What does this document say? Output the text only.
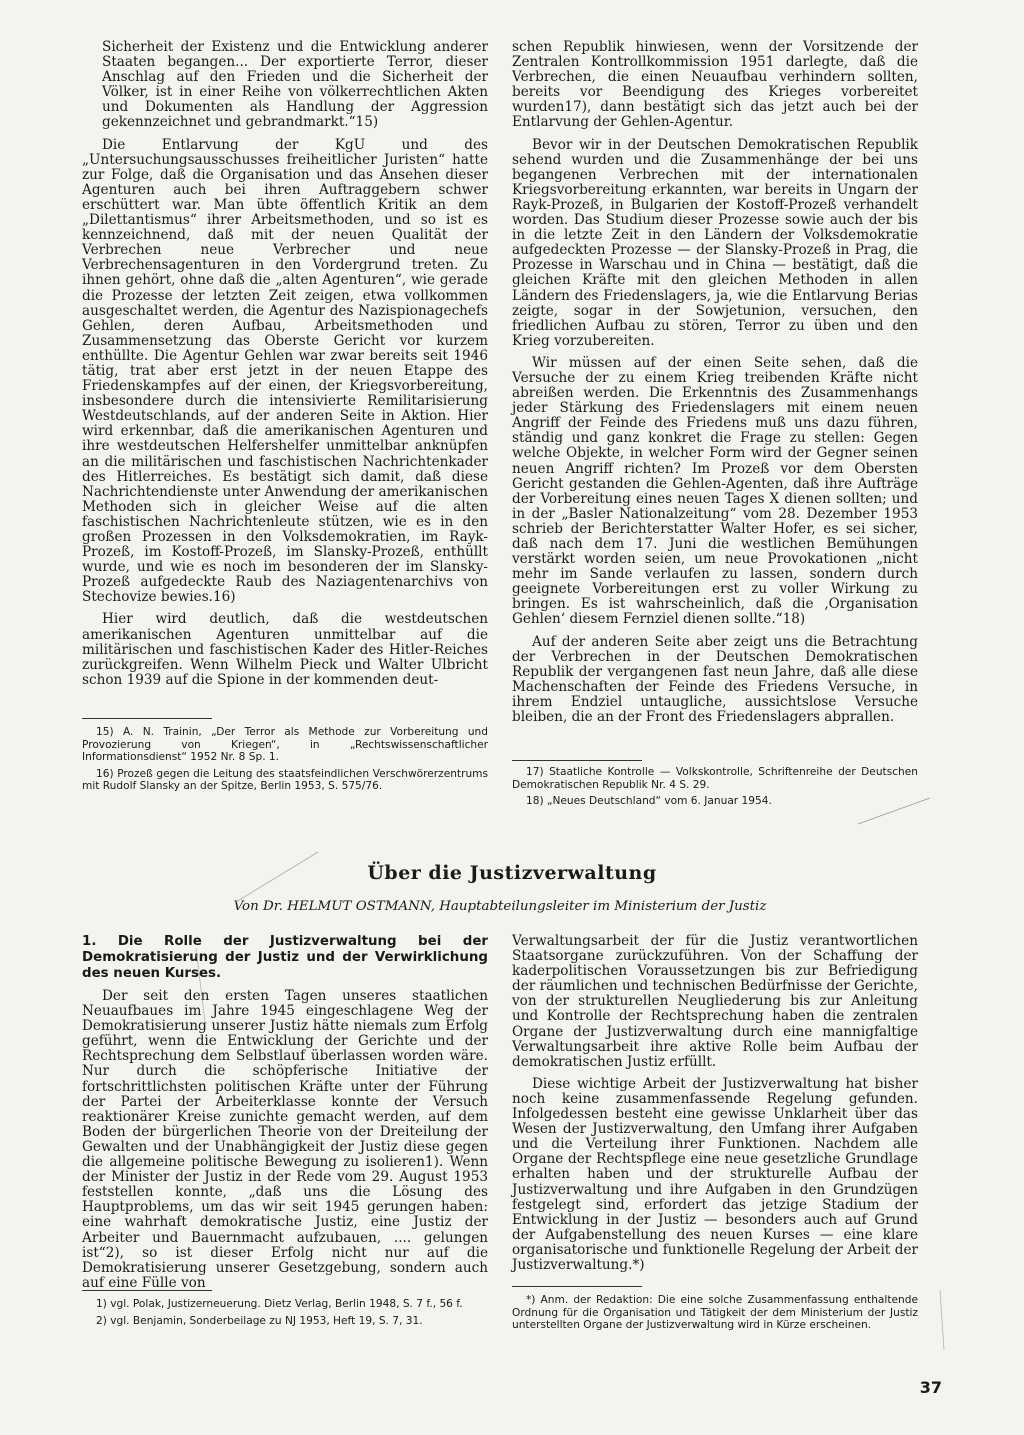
Sicherheit der Existenz und die Entwicklung anderer Staaten begangen... Der exportierte Terror, dieser Anschlag auf den Frieden und die Sicherheit der Völker, ist in einer Reihe von völkerrechtlichen Akten und Dokumenten als Handlung der Aggression gekennzeichnet und gebrandmarkt.“15)

Die Entlarvung der KgU und des „Untersuchungsausschusses freiheitlicher Juristen“ hatte zur Folge, daß die Organisation und das Ansehen dieser Agenturen auch bei ihren Auftraggebern schwer erschüttert war. Man übte öffentlich Kritik an dem „Dilettantismus“ ihrer Arbeitsmethoden, und so ist es kennzeichnend, daß mit der neuen Qualität der Verbrechen neue Verbrecher und neue Verbrechensagenturen in den Vordergrund treten. Zu ihnen gehört, ohne daß die „alten Agenturen“, wie gerade die Prozesse der letzten Zeit zeigen, etwa vollkommen ausgeschaltet werden, die Agentur des Nazispionagechefs Gehlen, deren Aufbau, Arbeitsmethoden und Zusammensetzung das Oberste Gericht vor kurzem enthüllte. Die Agentur Gehlen war zwar bereits seit 1946 tätig, trat aber erst jetzt in der neuen Etappe des Friedenskampfes auf der einen, der Kriegsvorbereitung, insbesondere durch die intensivierte Remilitarisierung Westdeutschlands, auf der anderen Seite in Aktion. Hier wird erkennbar, daß die amerikanischen Agenturen und ihre westdeutschen Helfershelfer unmittelbar anknüpfen an die militärischen und faschistischen Nachrichtenkader des Hitlerreiches. Es bestätigt sich damit, daß diese Nachrichtendienste unter Anwendung der amerikanischen Methoden sich in gleicher Weise auf die alten faschistischen Nachrichtenleute stützen, wie es in den großen Prozessen in den Volksdemokratien, im Rayk-Prozeß, im Kostoff-Prozeß, im Slansky-Prozeß, enthüllt wurde, und wie es noch im besonderen der im Slansky-Prozeß aufgedeckte Raub des Naziagentenarchivs von Stechovize bewies.16)

Hier wird deutlich, daß die westdeutschen amerikanischen Agenturen unmittelbar auf die militärischen und faschistischen Kader des Hitler-Reiches zurückgreifen. Wenn Wilhelm Pieck und Walter Ulbricht schon 1939 auf die Spione in der kommenden deut-

15) A. N. Trainin, „Der Terror als Methode zur Vorbereitung und Provozierung von Kriegen“, in „Rechtswissenschaftlicher Informationsdienst“ 1952 Nr. 8 Sp. 1.

16) Prozeß gegen die Leitung des staatsfeindlichen Verschwörerzentrums mit Rudolf Slansky an der Spitze, Berlin 1953, S. 575/76.

schen Republik hinwiesen, wenn der Vorsitzende der Zentralen Kontrollkommission 1951 darlegte, daß die Verbrechen, die einen Neuaufbau verhindern sollten, bereits vor Beendigung des Krieges vorbereitet wurden17), dann bestätigt sich das jetzt auch bei der Entlarvung der Gehlen-Agentur.

Bevor wir in der Deutschen Demokratischen Republik sehend wurden und die Zusammenhänge der bei uns begangenen Verbrechen mit der internationalen Kriegsvorbereitung erkannten, war bereits in Ungarn der Rayk-Prozeß, in Bulgarien der Kostoff-Prozeß verhandelt worden. Das Studium dieser Prozesse sowie auch der bis in die letzte Zeit in den Ländern der Volksdemokratie aufgedeckten Prozesse — der Slansky-Prozeß in Prag, die Prozesse in Warschau und in China — bestätigt, daß die gleichen Kräfte mit den gleichen Methoden in allen Ländern des Friedenslagers, ja, wie die Entlarvung Berias zeigte, sogar in der Sowjetunion, versuchen, den friedlichen Aufbau zu stören, Terror zu üben und den Krieg vorzubereiten.

Wir müssen auf der einen Seite sehen, daß die Versuche der zu einem Krieg treibenden Kräfte nicht abreißen werden. Die Erkenntnis des Zusammenhangs jeder Stärkung des Friedenslagers mit einem neuen Angriff der Feinde des Friedens muß uns dazu führen, ständig und ganz konkret die Frage zu stellen: Gegen welche Objekte, in welcher Form wird der Gegner seinen neuen Angriff richten? Im Prozeß vor dem Obersten Gericht gestanden die Gehlen-Agenten, daß ihre Aufträge der Vorbereitung eines neuen Tages X dienen sollten; und in der „Basler Nationalzeitung“ vom 28. Dezember 1953 schrieb der Berichterstatter Walter Hofer, es sei sicher, daß nach dem 17. Juni die westlichen Bemühungen verstärkt worden seien, um neue Provokationen „nicht mehr im Sande verlaufen zu lassen, sondern durch geeignete Vorbereitungen erst zu voller Wirkung zu bringen. Es ist wahrscheinlich, daß die ‚Organisation Gehlen‘ diesem Fernziel dienen sollte.“18)

Auf der anderen Seite aber zeigt uns die Betrachtung der Verbrechen in der Deutschen Demokratischen Republik der vergangenen fast neun Jahre, daß alle diese Machenschaften der Feinde des Friedens Versuche, in ihrem Endziel untaugliche, aussichtslose Versuche bleiben, die an der Front des Friedenslagers abprallen.

17) Staatliche Kontrolle — Volkskontrolle, Schriftenreihe der Deutschen Demokratischen Republik Nr. 4 S. 29.

18) „Neues Deutschland“ vom 6. Januar 1954.

Über die Justizverwaltung
Von Dr. HELMUT OSTMANN, Hauptabteilungsleiter im Ministerium der Justiz

1. Die Rolle der Justizverwaltung bei der Demokratisierung der Justiz und der Verwirklichung des neuen Kurses.

Der seit den ersten Tagen unseres staatlichen Neuaufbaues im Jahre 1945 eingeschlagene Weg der Demokratisierung unserer Justiz hätte niemals zum Erfolg geführt, wenn die Entwicklung der Gerichte und der Rechtsprechung dem Selbstlauf überlassen worden wäre. Nur durch die schöpferische Initiative der fortschrittlichsten politischen Kräfte unter der Führung der Partei der Arbeiterklasse konnte der Versuch reaktionärer Kreise zunichte gemacht werden, auf dem Boden der bürgerlichen Theorie von der Dreiteilung der Gewalten und der Unabhängigkeit der Justiz diese gegen die allgemeine politische Bewegung zu isolieren1). Wenn der Minister der Justiz in der Rede vom 29. August 1953 feststellen konnte, „daß uns die Lösung des Hauptproblems, um das wir seit 1945 gerungen haben: eine wahrhaft demokratische Justiz, eine Justiz der Arbeiter und Bauernmacht aufzubauen, .... gelungen ist“2), so ist dieser Erfolg nicht nur auf die Demokratisierung unserer Gesetzgebung, sondern auch auf eine Fülle von

1) vgl. Polak, Justizerneuerung. Dietz Verlag, Berlin 1948, S. 7 f., 56 f.

2) vgl. Benjamin, Sonderbeilage zu NJ 1953, Heft 19, S. 7, 31.

Verwaltungsarbeit der für die Justiz verantwortlichen Staatsorgane zurückzuführen. Von der Schaffung der kaderpolitischen Voraussetzungen bis zur Befriedigung der räumlichen und technischen Bedürfnisse der Gerichte, von der strukturellen Neugliederung bis zur Anleitung und Kontrolle der Rechtsprechung haben die zentralen Organe der Justizverwaltung durch eine mannigfaltige Verwaltungsarbeit ihre aktive Rolle beim Aufbau der demokratischen Justiz erfüllt.

Diese wichtige Arbeit der Justizverwaltung hat bisher noch keine zusammenfassende Regelung gefunden. Infolgedessen besteht eine gewisse Unklarheit über das Wesen der Justizverwaltung, den Umfang ihrer Aufgaben und die Verteilung ihrer Funktionen. Nachdem alle Organe der Rechtspflege eine neue gesetzliche Grundlage erhalten haben und der strukturelle Aufbau der Justizverwaltung und ihre Aufgaben in den Grundzügen festgelegt sind, erfordert das jetzige Stadium der Entwicklung in der Justiz — besonders auch auf Grund der Aufgabenstellung des neuen Kurses — eine klare organisatorische und funktionelle Regelung der Arbeit der Justizverwaltung.*)

*) Anm. der Redaktion: Die eine solche Zusammenfassung enthaltende Ordnung für die Organisation und Tätigkeit der dem Ministerium der Justiz unterstellten Organe der Justizverwaltung wird in Kürze erscheinen.

37
